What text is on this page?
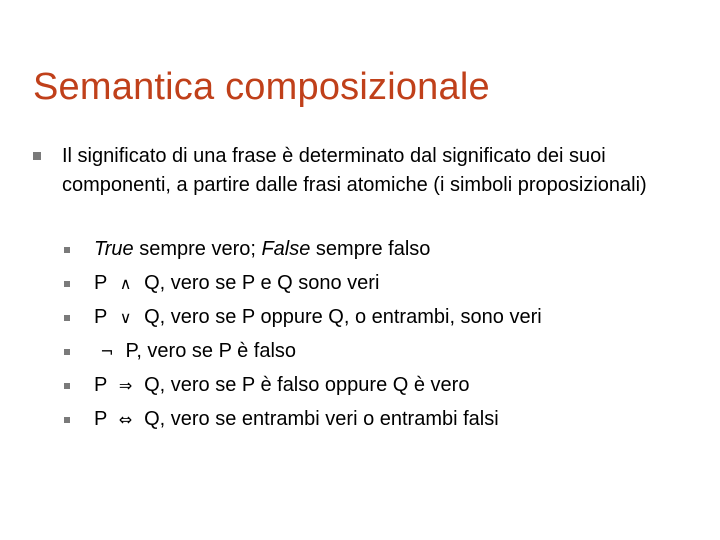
Semantica composizionale
Il significato di una frase è determinato dal significato dei suoi componenti, a partire dalle frasi atomiche (i simboli proposizionali)
True sempre vero; False sempre falso
P ∧ Q, vero se P e Q sono veri
P ∨ Q, vero se P oppure Q, o entrambi, sono veri
¬ P, vero se P è falso
P ⇒ Q, vero se P è falso oppure Q è vero
P ⇔ Q, vero se entrambi veri o entrambi falsi
